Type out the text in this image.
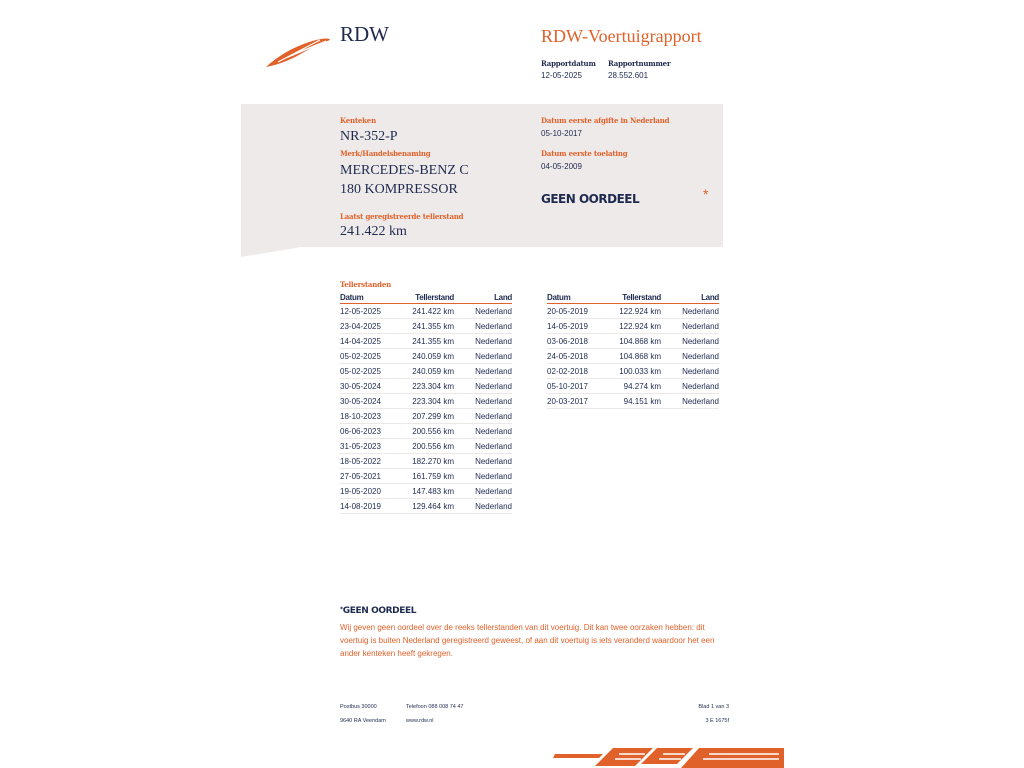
RDW	RDW-Voertuigrapport
Rapportdatum
12-05-2025
Rapportnummer
28.552.601
Kenteken
NR-352-P
Merk/Handelsbenaming
MERCEDES-BENZ C
180 KOMPRESSOR
Laatst geregistreerde tellerstand
241.422 km
Datum eerste afgifte in Nederland
05-10-2017
Datum eerste toelating
04-05-2009
GEEN OORDEEL	*
Tellerstanden
Datum	Tellerstand	Land
12-05-2025	241.422 km	Nederland
23-04-2025	241.355 km	Nederland
14-04-2025	241.355 km	Nederland
05-02-2025	240.059 km	Nederland
05-02-2025	240.059 km	Nederland
30-05-2024	223.304 km	Nederland
30-05-2024	223.304 km	Nederland
18-10-2023	207.299 km	Nederland
06-06-2023	200.556 km	Nederland
31-05-2023	200.556 km	Nederland
18-05-2022	182.270 km	Nederland
27-05-2021	161.759 km	Nederland
19-05-2020	147.483 km	Nederland
14-08-2019	129.464 km	Nederland
Datum	Tellerstand	Land
20-05-2019	122.924 km	Nederland
14-05-2019	122.924 km	Nederland
03-06-2018	104.868 km	Nederland
24-05-2018	104.868 km	Nederland
02-02-2018	100.033 km	Nederland
05-10-2017	94.274 km	Nederland
20-03-2017	94.151 km	Nederland
*GEEN OORDEEL
Wij geven geen oordeel over de reeks tellerstanden van dit voertuig. Dit kan twee oorzaken hebben: dit voertuig is buiten Nederland geregistreerd geweest, of aan dit voertuig is iets veranderd waardoor het een ander kenteken heeft gekregen.
Postbus 30000
9640 RA Veendam
Telefoon 088 008 74 47
www.rdw.nl
Blad 1 van 3
3 E 1675f
